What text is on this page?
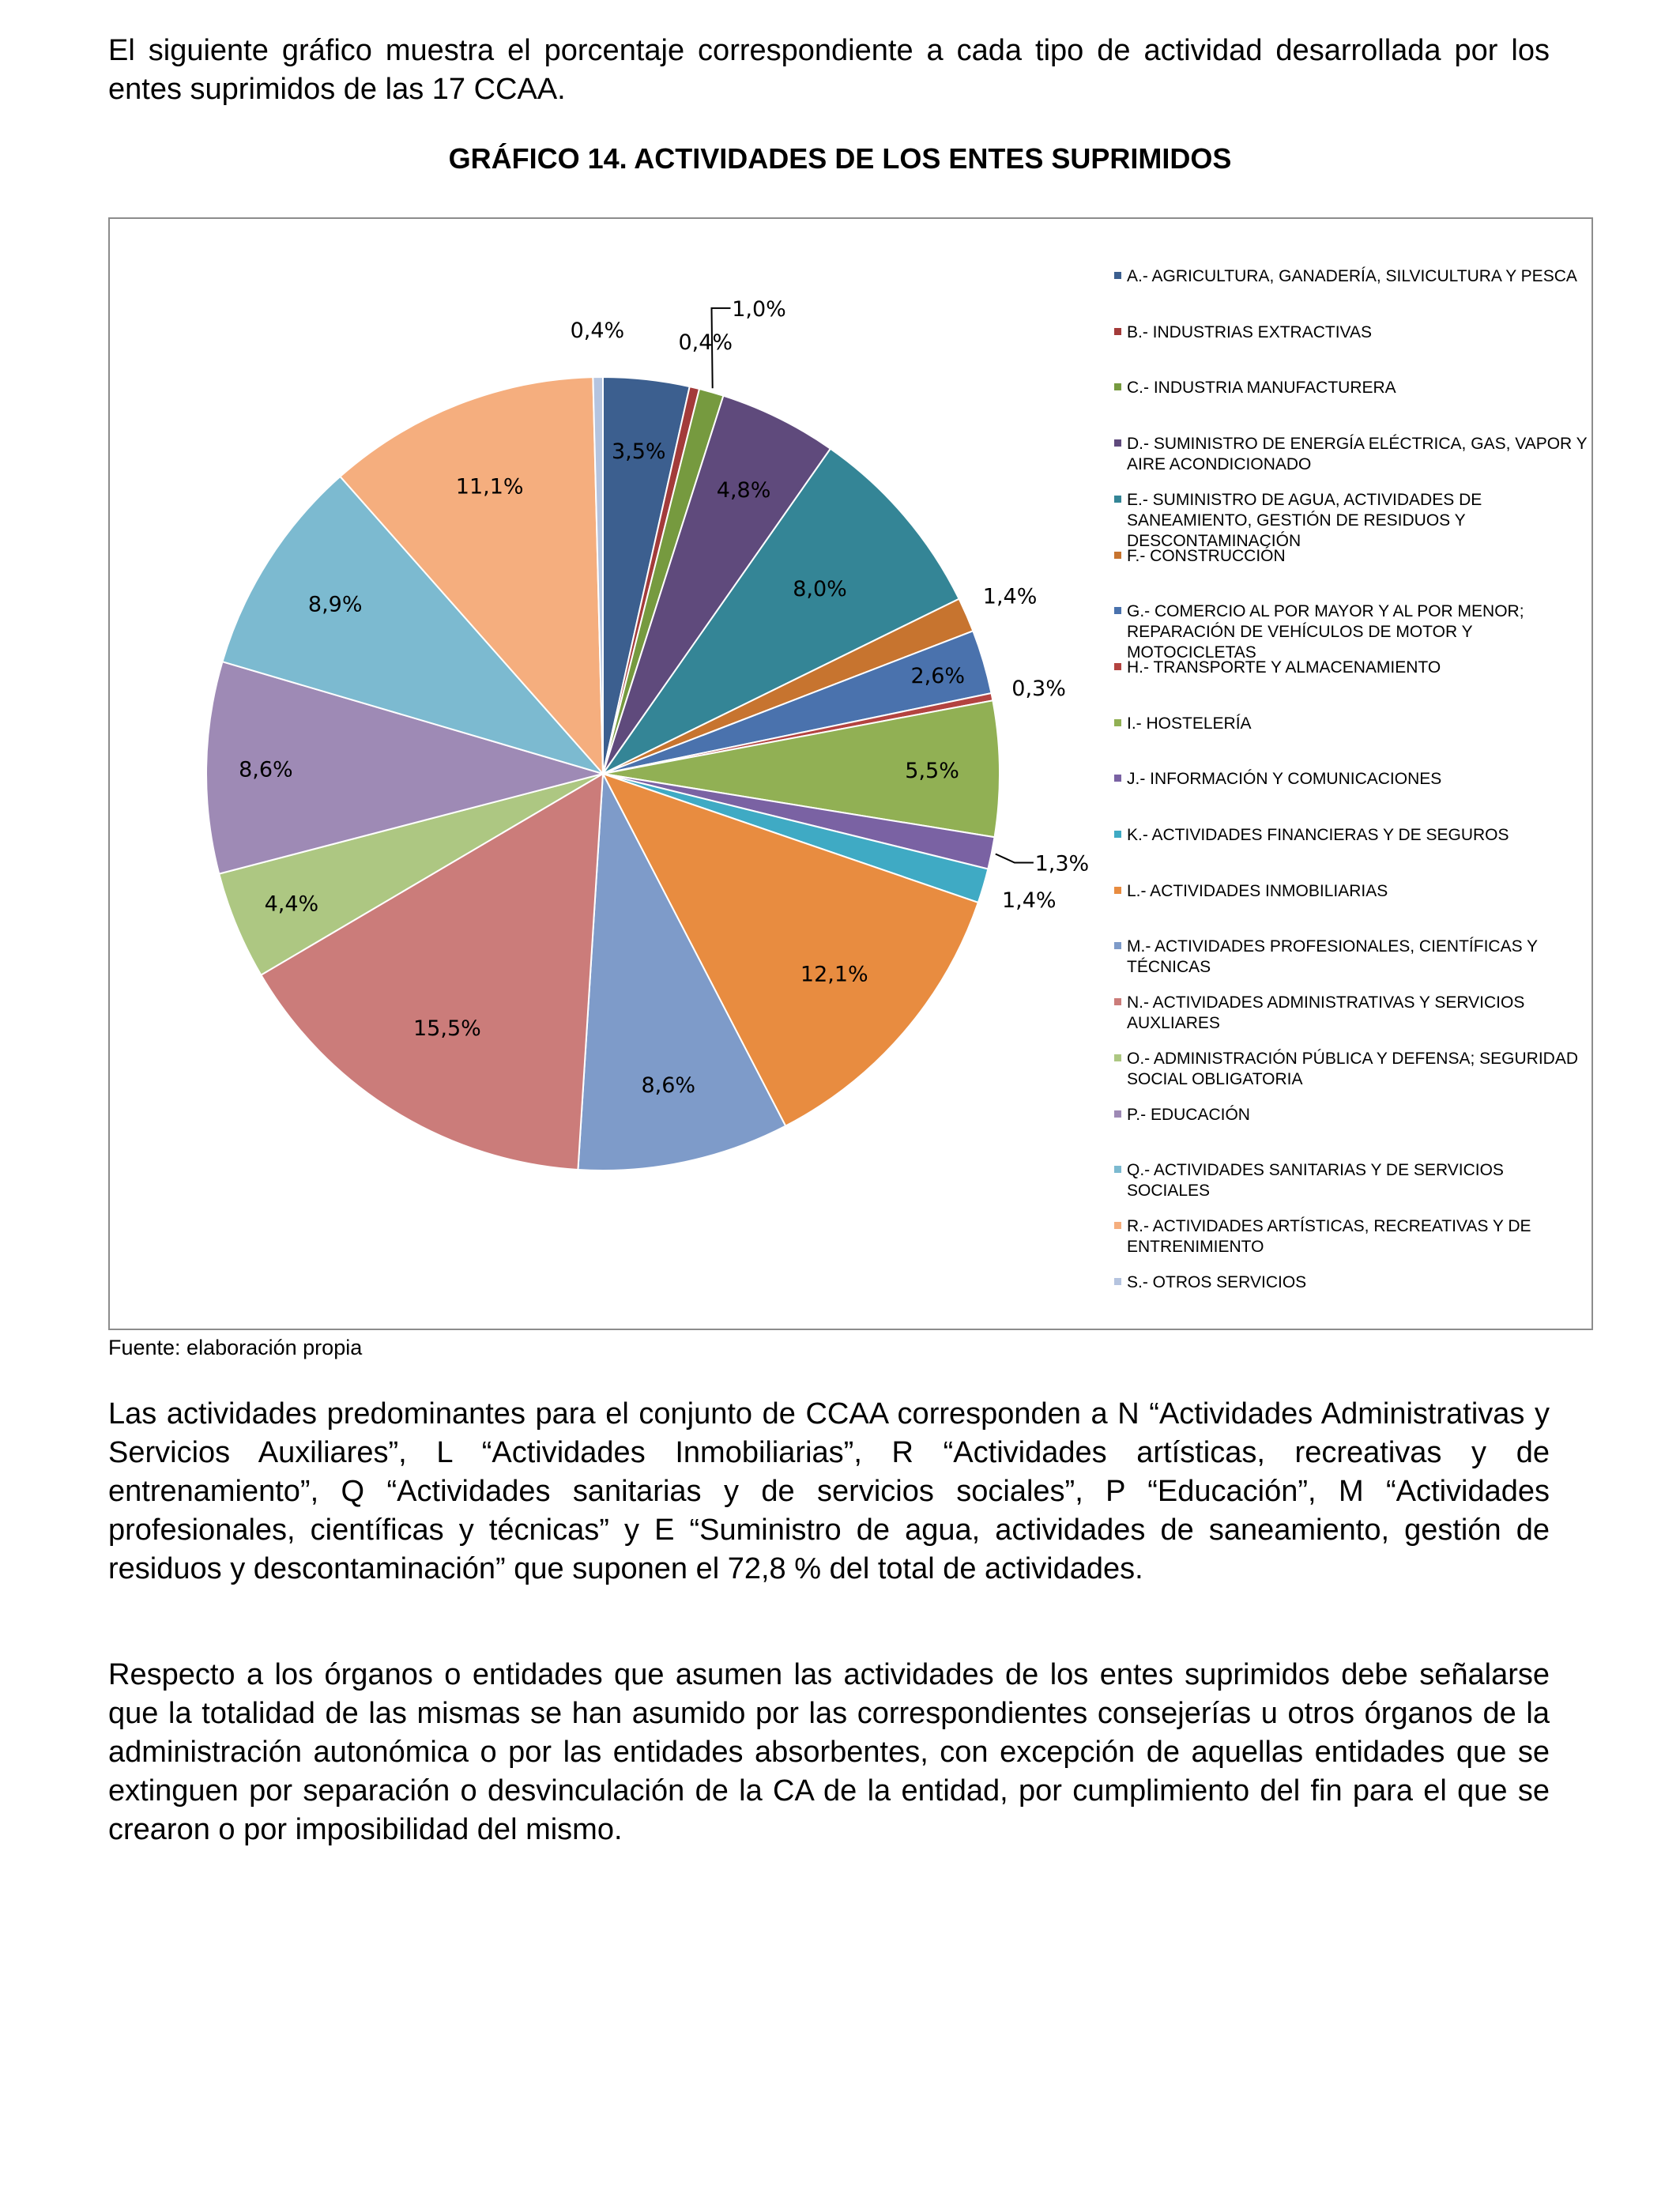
El siguiente gráfico muestra el porcentaje correspondiente a cada tipo de actividad desarrollada por los entes suprimidos de las 17 CCAA.

GRÁFICO 14. ACTIVIDADES DE LOS ENTES SUPRIMIDOS
3,5%
0,4%
1,0%
4,8%
8,0%	1,4%
2,6%
0,3%
5,5%
1,3%
1,4%
12,1%
8,6%
15,5%
4,4%
8,6%
8,9%
11,1%
0,4%
A.- AGRICULTURA, GANADERÍA, SILVICULTURA Y PESCA
B.- INDUSTRIAS EXTRACTIVAS
C.- INDUSTRIA MANUFACTURERA
D.- SUMINISTRO DE ENERGÍA ELÉCTRICA, GAS, VAPOR Y AIRE ACONDICIONADO
E.- SUMINISTRO DE AGUA, ACTIVIDADES DE SANEAMIENTO, GESTIÓN DE RESIDUOS Y DESCONTAMINACIÓN
F.- CONSTRUCCIÓN
G.- COMERCIO AL POR MAYOR Y AL POR MENOR; REPARACIÓN DE VEHÍCULOS DE MOTOR Y MOTOCICLETAS
H.- TRANSPORTE Y ALMACENAMIENTO
I.- HOSTELERÍA
J.- INFORMACIÓN Y COMUNICACIONES
K.- ACTIVIDADES FINANCIERAS Y DE SEGUROS
L.- ACTIVIDADES INMOBILIARIAS
M.- ACTIVIDADES PROFESIONALES, CIENTÍFICAS Y TÉCNICAS
N.- ACTIVIDADES ADMINISTRATIVAS Y SERVICIOS AUXLIARES
O.- ADMINISTRACIÓN PÚBLICA Y DEFENSA; SEGURIDAD SOCIAL OBLIGATORIA
P.- EDUCACIÓN
Q.- ACTIVIDADES SANITARIAS Y DE SERVICIOS SOCIALES
R.- ACTIVIDADES ARTÍSTICAS, RECREATIVAS Y DE ENTRENIMIENTO
S.- OTROS SERVICIOS

Fuente: elaboración propia

Las actividades predominantes para el conjunto de CCAA corresponden a N “Actividades Administrativas y Servicios Auxiliares”, L “Actividades Inmobiliarias”, R “Actividades artísticas, recreativas y de entrenamiento”, Q “Actividades sanitarias y de servicios sociales”, P “Educación”, M “Actividades profesionales, científicas y técnicas” y E “Suministro de agua, actividades de saneamiento, gestión de residuos y descontaminación” que suponen el 72,8 % del total de actividades.

Respecto a los órganos o entidades que asumen las actividades de los entes suprimidos debe señalarse que la totalidad de las mismas se han asumido por las correspondientes consejerías u otros órganos de la administración autonómica o por las entidades absorbentes, con excepción de aquellas entidades que se extinguen por separación o desvinculación de la CA de la entidad, por cumplimiento del fin para el que se crearon o por imposibilidad del mismo.
